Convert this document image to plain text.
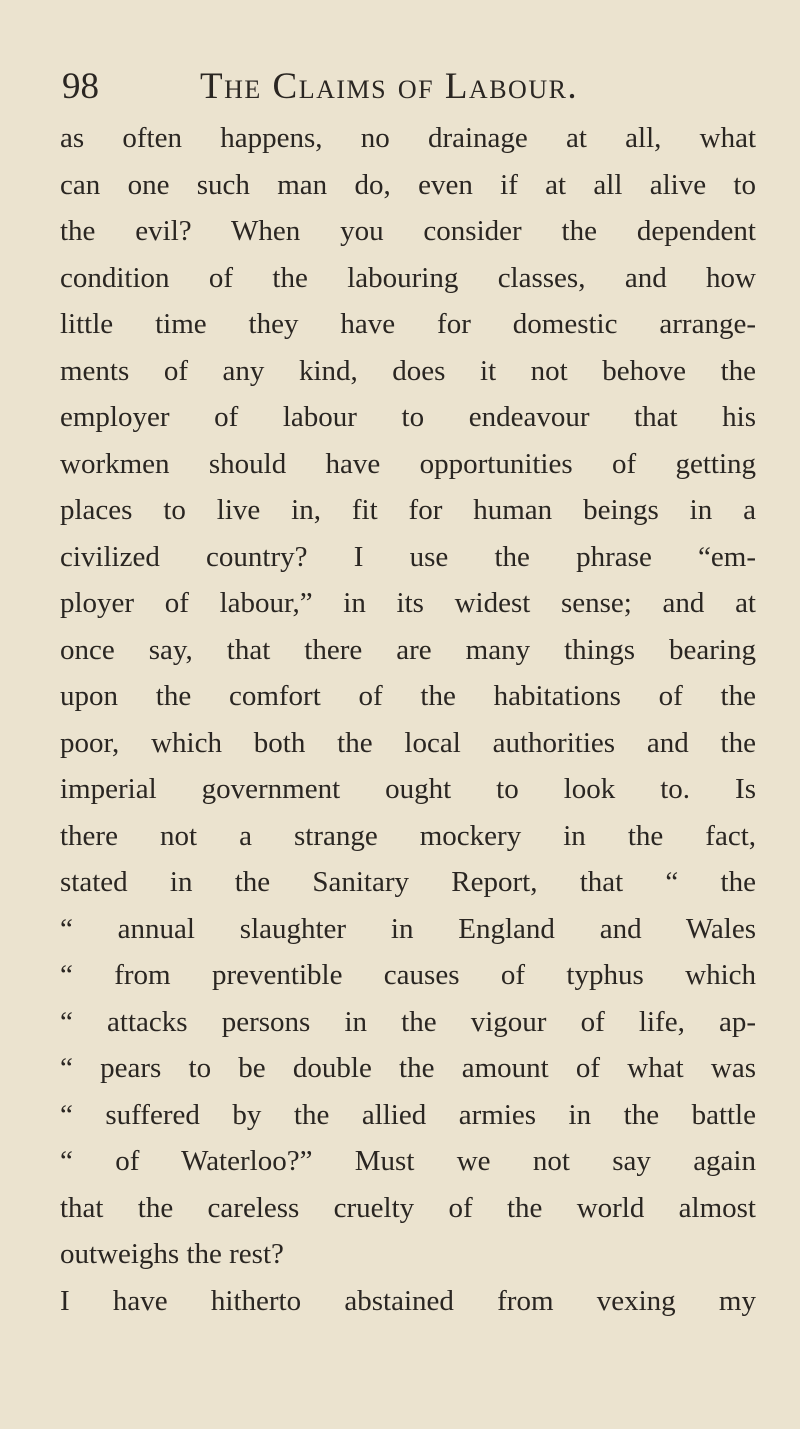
98	The Claims of Labour.
as often happens, no drainage at all, what
can one such man do, even if at all alive to
the evil? When you consider the dependent
condition of the labouring classes, and how
little time they have for domestic arrange-
ments of any kind, does it not behove the
employer of labour to endeavour that his
workmen should have opportunities of getting
places to live in, fit for human beings in a
civilized country? I use the phrase “em-
ployer of labour,” in its widest sense; and at
once say, that there are many things bearing
upon the comfort of the habitations of the
poor, which both the local authorities and the
imperial government ought to look to. Is
there not a strange mockery in the fact,
stated in the Sanitary Report, that “ the
“ annual slaughter in England and Wales
“ from preventible causes of typhus which
“ attacks persons in the vigour of life, ap-
“ pears to be double the amount of what was
“ suffered by the allied armies in the battle
“ of Waterloo?” Must we not say again
that the careless cruelty of the world almost
outweighs the rest?
I have hitherto abstained from vexing my
